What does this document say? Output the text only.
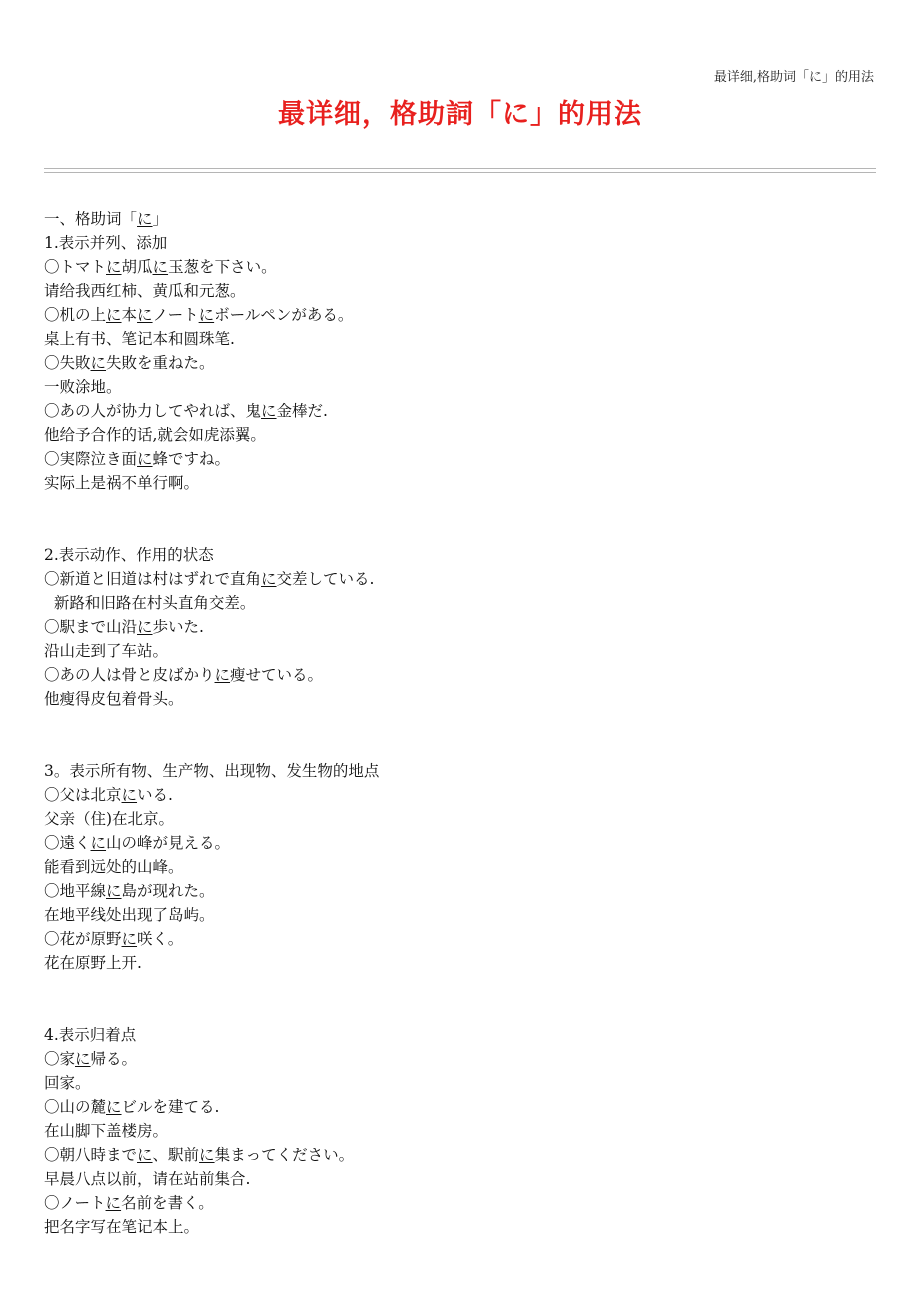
最详细,格助词「に」的用法
最详细，格助詞「に」的用法
一、格助词「に」
1.表示并列、添加
〇トマトに胡瓜に玉葱を下さい。
请给我西红柿、黄瓜和元葱。
〇机の上に本にノートにボールペンがある。
桌上有书、笔记本和圆珠笔.
〇失敗に失敗を重ねた。
一败涂地。
〇あの人が协力してやれば、鬼に金棒だ.
他给予合作的话,就会如虎添翼。
〇実際泣き面に蜂ですね。
实际上是祸不单行啊。
2.表示动作、作用的状态
〇新道と旧道は村はずれで直角に交差している.
新路和旧路在村头直角交差。
〇駅まで山沿に歩いた.
沿山走到了车站。
〇あの人は骨と皮ばかりに瘦せている。
他瘦得皮包着骨头。
3。表示所有物、生产物、出现物、发生物的地点
〇父は北京にいる.
父亲（住)在北京。
〇遠くに山の峰が見える。
能看到远处的山峰。
〇地平線に島が现れた。
在地平线处出现了岛屿。
〇花が原野に咲く。
花在原野上开.
4.表示归着点
〇家に帰る。
回家。
〇山の麓にビルを建てる.
在山脚下盖楼房。
〇朝八時までに、駅前に集まってください。
早晨八点以前，请在站前集合.
〇ノートに名前を書く。
把名字写在笔记本上。
